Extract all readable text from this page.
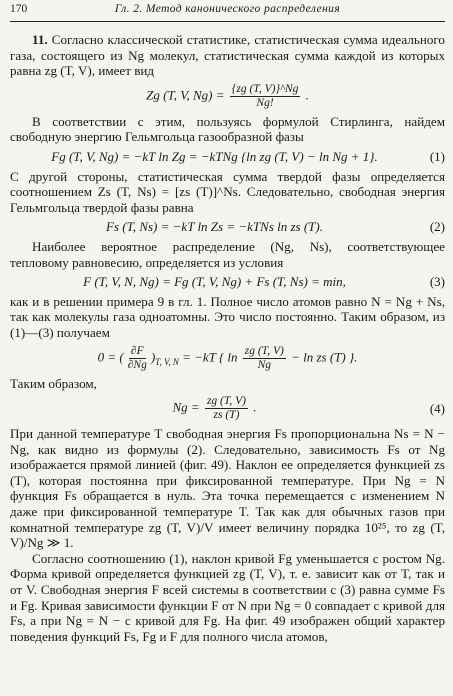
170	Гл. 2. Метод канонического распределения

11. Согласно классической статистике, статистическая сумма идеального газа, состоящего из Ng молекул, статистическая сумма каждой из которых равна zg (T, V), имеет вид

Zg (T, V, $Ng) = \frac{\{zg (T, V)\}\^{}Ng}{Ng!}$ .

В соответствии с этим, пользуясь формулой Стирлинга, найдем свободную энергию Гельмгольца газообразной фазы

Fg (T, V, Ng) = −kT ln Zg = −kTNg {ln zg (T, V) − ln Ng + 1}.	(1)

С другой стороны, статистическая сумма твердой фазы определяется соотношением Zs (T, Ns) = [zs (T)]^Ns. Следовательно, свободная энергия Гельмгольца твердой фазы равна

Fs (T, Ns) = −kT ln Zs = −kTNs ln zs (T).	(2)

Наиболее вероятное распределение (Ng, Ns), соответствующее тепловому равновесию, определяется из условия

F (T, V, N, Ng) = Fg (T, V, Ng) + Fs (T, Ns) = min,	(3)

как и в решении примера 9 в гл. 1. Полное число атомов равно N = Ng + Ns, так как молекулы газа одноатомны. Это число постоянно. Таким образом, из (1)—(3) получаем

0 = ( $\frac{\partial F}{\partial Ng} )_{T, V, N} = -kT$ { $\ln \frac{zg (T, V)}{Ng} - \ln$ zs (T) }.

Таким образом,

$Ng = \frac{zg (T, V)}{zs (T)}$ .	(4)

При данной температуре T свободная энергия Fs пропорциональна Ns = N − Ng, как видно из формулы (2). Следовательно, зависимость Fs от Ng изображается прямой линией (фиг. 49). Наклон ее определяется функцией zs (T), которая постоянна при фиксированной температуре. При Ng = N функция Fs обращается в нуль. Эта точка перемещается с изменением N даже при фиксированной температуре T. Так как для обычных газов при комнатной температуре zg (T, V)/V имеет величину порядка 10²⁵, то zg (T, V)/Ng ≫ 1.

Согласно соотношению (1), наклон кривой Fg уменьшается с ростом Ng. Форма кривой определяется функцией zg (T, V), т. е. зависит как от T, так и от V. Свободная энергия F всей системы в соответствии с (3) равна сумме Fs и Fg. Кривая зависимости функции F от N при Ng = 0 совпадает с кривой для Fs, а при Ng = N − с кривой для Fg. На фиг. 49 изображен общий характер поведения функций Fs, Fg и F для полного числа атомов,
